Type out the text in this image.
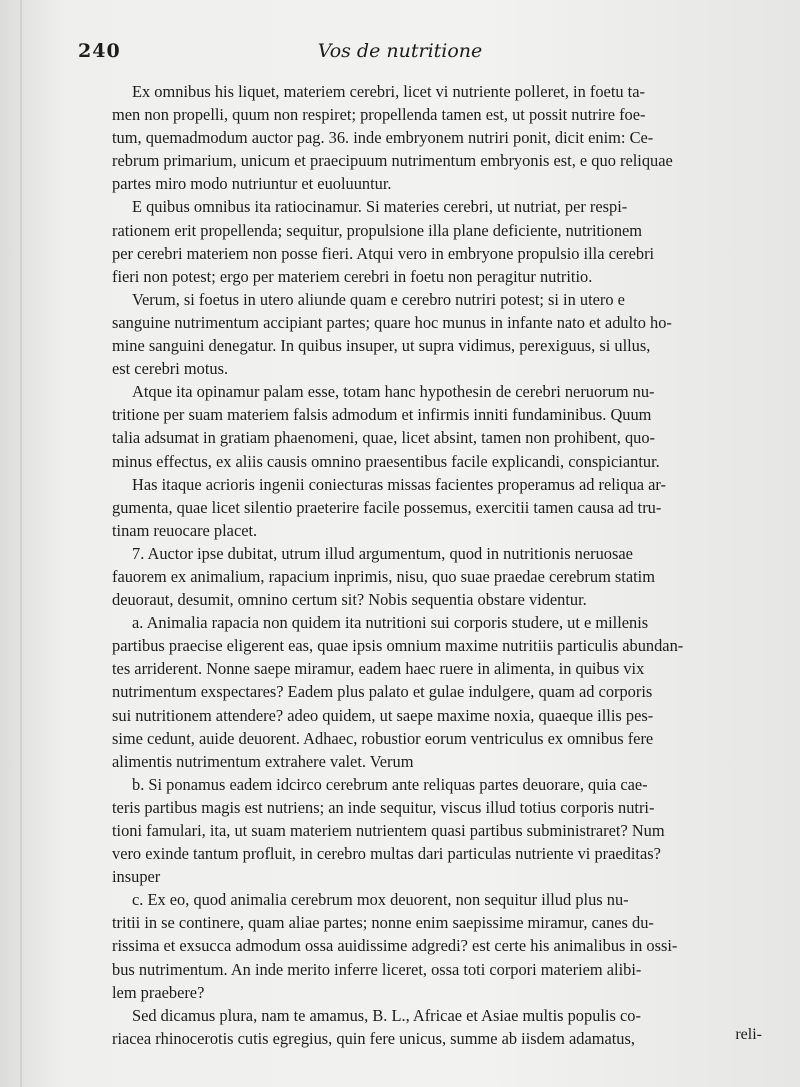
240	Vos de nutritione
Ex omnibus his liquet, materiem cerebri, licet vi nutriente polleret, in foetu ta-
men non propelli, quum non respiret; propellenda tamen est, ut possit nutrire foe-
tum, quemadmodum auctor pag. 36. inde embryonem nutriri ponit, dicit enim: Ce-
rebrum primarium, unicum et praecipuum nutrimentum embryonis est, e quo reliquae
partes miro modo nutriuntur et euoluuntur.
E quibus omnibus ita ratiocinamur. Si materies cerebri, ut nutriat, per respi-
rationem erit propellenda; sequitur, propulsione illa plane deficiente, nutritionem
per cerebri materiem non posse fieri. Atqui vero in embryone propulsio illa cerebri
fieri non potest; ergo per materiem cerebri in foetu non peragitur nutritio.
Verum, si foetus in utero aliunde quam e cerebro nutriri potest; si in utero e
sanguine nutrimentum accipiant partes; quare hoc munus in infante nato et adulto ho-
mine sanguini denegatur. In quibus insuper, ut supra vidimus, perexiguus, si ullus,
est cerebri motus.
Atque ita opinamur palam esse, totam hanc hypothesin de cerebri neruorum nu-
tritione per suam materiem falsis admodum et infirmis inniti fundaminibus. Quum
talia adsumat in gratiam phaenomeni, quae, licet absint, tamen non prohibent, quo-
minus effectus, ex aliis causis omnino praesentibus facile explicandi, conspiciantur.
Has itaque acrioris ingenii coniecturas missas facientes properamus ad reliqua ar-
gumenta, quae licet silentio praeterire facile possemus, exercitii tamen causa ad tru-
tinam reuocare placet.
7. Auctor ipse dubitat, utrum illud argumentum, quod in nutritionis neruosae
fauorem ex animalium, rapacium inprimis, nisu, quo suae praedae cerebrum statim
deuoraut, desumit, omnino certum sit? Nobis sequentia obstare videntur.
a. Animalia rapacia non quidem ita nutritioni sui corporis studere, ut e millenis
partibus praecise eligerent eas, quae ipsis omnium maxime nutritiis particulis abundan-
tes arriderent. Nonne saepe miramur, eadem haec ruere in alimenta, in quibus vix
nutrimentum exspectares? Eadem plus palato et gulae indulgere, quam ad corporis
sui nutritionem attendere? adeo quidem, ut saepe maxime noxia, quaeque illis pes-
sime cedunt, auide deuorent. Adhaec, robustior eorum ventriculus ex omnibus fere
alimentis nutrimentum extrahere valet. Verum
b. Si ponamus eadem idcirco cerebrum ante reliquas partes deuorare, quia cae-
teris partibus magis est nutriens; an inde sequitur, viscus illud totius corporis nutri-
tioni famulari, ita, ut suam materiem nutrientem quasi partibus subministraret? Num
vero exinde tantum profluit, in cerebro multas dari particulas nutriente vi praeditas?
insuper
c. Ex eo, quod animalia cerebrum mox deuorent, non sequitur illud plus nu-
tritii in se continere, quam aliae partes; nonne enim saepissime miramur, canes du-
rissima et exsucca admodum ossa auidissime adgredi? est certe his animalibus in ossi-
bus nutrimentum. An inde merito inferre liceret, ossa toti corpori materiem alibi-
lem praebere?
Sed dicamus plura, nam te amamus, B. L., Africae et Asiae multis populis co-
riacea rhinocerotis cutis egregius, quin fere unicus, summe ab iisdem adamatus,	reli-
